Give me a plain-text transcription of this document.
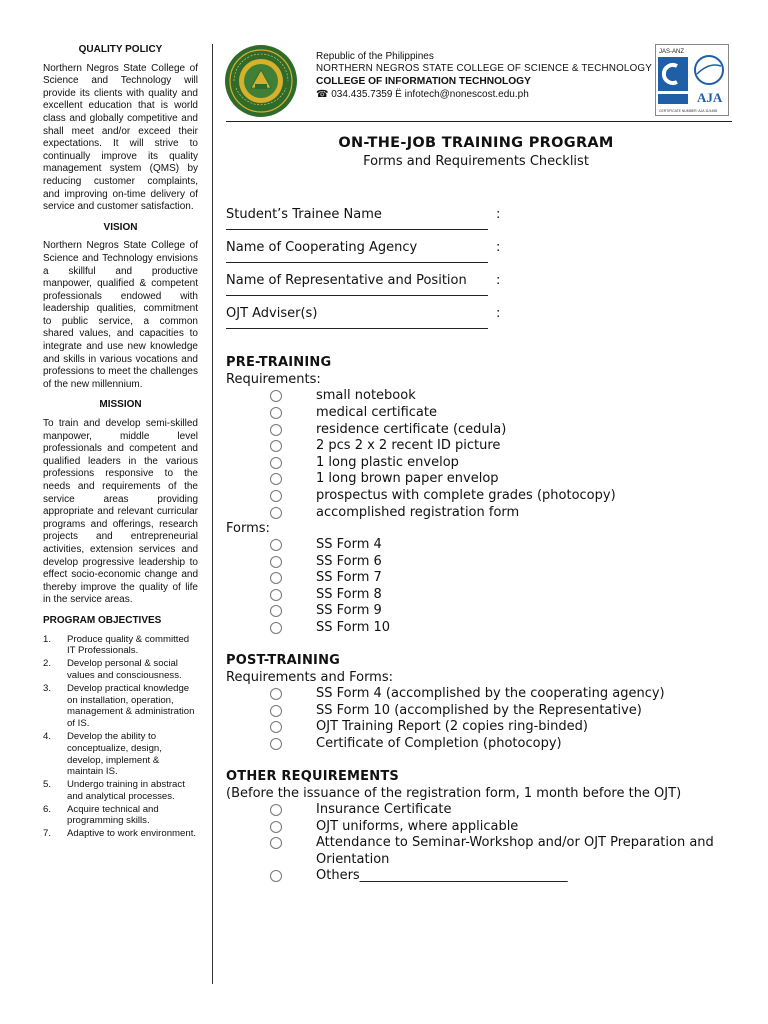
QUALITY POLICY

Northern Negros State College of Science and Technology will provide its clients with quality and excellent education that is world class and globally competitive and shall meet and/or exceed their expectations. It will strive to continually improve its quality management system (QMS) by reducing customer complaints, and improving on-time delivery of service and customer satisfaction.

VISION

Northern Negros State College of Science and Technology envisions a skillful and productive manpower, qualified & competent professionals endowed with leadership qualities, commitment to public service, a common shared values, and capacities to integrate and use new knowledge and skills in various vocations and professions to meet the challenges of the new millennium.

MISSION

To train and develop semi-skilled manpower, middle level professionals and competent and qualified leaders in the various professions responsive to the needs and requirements of the service areas providing appropriate and relevant curricular programs and offerings, research projects and entrepreneurial activities, extension services and develop progressive leadership to effect socio-economic change and thereby improve the quality of life in the service areas.

PROGRAM OBJECTIVES
1. Produce quality & committed IT Professionals.
2. Develop personal & social values and consciousness.
3. Develop practical knowledge on installation, operation, management & administration of IS.
4. Develop the ability to conceptualize, design, develop, implement & maintain IS.
5. Undergo training in abstract and analytical processes.
6. Acquire technical and programming skills.
7. Adaptive to work environment.
Republic of the Philippines
NORTHERN NEGROS STATE COLLEGE OF SCIENCE & TECHNOLOGY
COLLEGE OF INFORMATION TECHNOLOGY
☎ 034.435.7359 Ë infotech@nonescost.edu.ph
JAS-ANZ
AJA
CERTIFICATE NUMBER: AJA 11/4455
ON-THE-JOB TRAINING PROGRAM
Forms and Requirements Checklist
Student’s Trainee Name	:
Name of Cooperating Agency	:
Name of Representative and Position	:
OJT Adviser(s)	:
PRE-TRAINING
Requirements:
small notebook
medical certificate
residence certificate (cedula)
2 pcs 2 x 2 recent ID picture
1 long plastic envelop
1 long brown paper envelop
prospectus with complete grades (photocopy)
accomplished registration form
Forms:
SS Form 4
SS Form 6
SS Form 7
SS Form 8
SS Form 9
SS Form 10
POST-TRAINING
Requirements and Forms:
SS Form 4 (accomplished by the cooperating agency)
SS Form 10 (accomplished by the Representative)
OJT Training Report (2 copies ring-binded)
Certificate of Completion (photocopy)
OTHER REQUIREMENTS
(Before the issuance of the registration form, 1 month before the OJT)
Insurance Certificate
OJT uniforms, where applicable
Attendance to Seminar-Workshop and/or OJT Preparation and Orientation
Others________________________________
